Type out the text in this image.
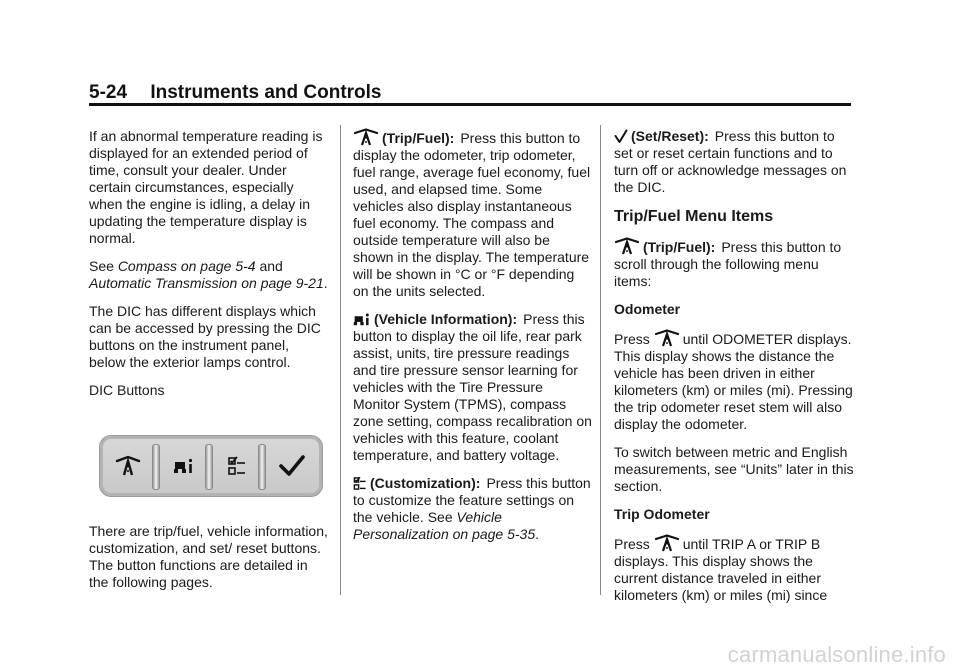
5-24 Instruments and Controls

If an abnormal temperature reading is displayed for an extended period of time, consult your dealer. Under certain circumstances, especially when the engine is idling, a delay in updating the temperature display is normal.

See Compass on page 5-4 and Automatic Transmission on page 9-21.

The DIC has different displays which can be accessed by pressing the DIC buttons on the instrument panel, below the exterior lamps control.

DIC Buttons

There are trip/fuel, vehicle information, customization, and set/ reset buttons. The button functions are detailed in the following pages.

(Trip/Fuel): Press this button to display the odometer, trip odometer, fuel range, average fuel economy, fuel used, and elapsed time. Some vehicles also display instantaneous fuel economy. The compass and outside temperature will also be shown in the display. The temperature will be shown in °C or °F depending on the units selected.

(Vehicle Information): Press this button to display the oil life, rear park assist, units, tire pressure readings and tire pressure sensor learning for vehicles with the Tire Pressure Monitor System (TPMS), compass zone setting, compass recalibration on vehicles with this feature, coolant temperature, and battery voltage.

(Customization): Press this button to customize the feature settings on the vehicle. See Vehicle Personalization on page 5-35.

(Set/Reset): Press this button to set or reset certain functions and to turn off or acknowledge messages on the DIC.

Trip/Fuel Menu Items

(Trip/Fuel): Press this button to scroll through the following menu items:

Odometer

Press until ODOMETER displays. This display shows the distance the vehicle has been driven in either kilometers (km) or miles (mi). Pressing the trip odometer reset stem will also display the odometer.

To switch between metric and English measurements, see “Units” later in this section.

Trip Odometer

Press until TRIP A or TRIP B displays. This display shows the current distance traveled in either kilometers (km) or miles (mi) since

carmanualsonline.info
